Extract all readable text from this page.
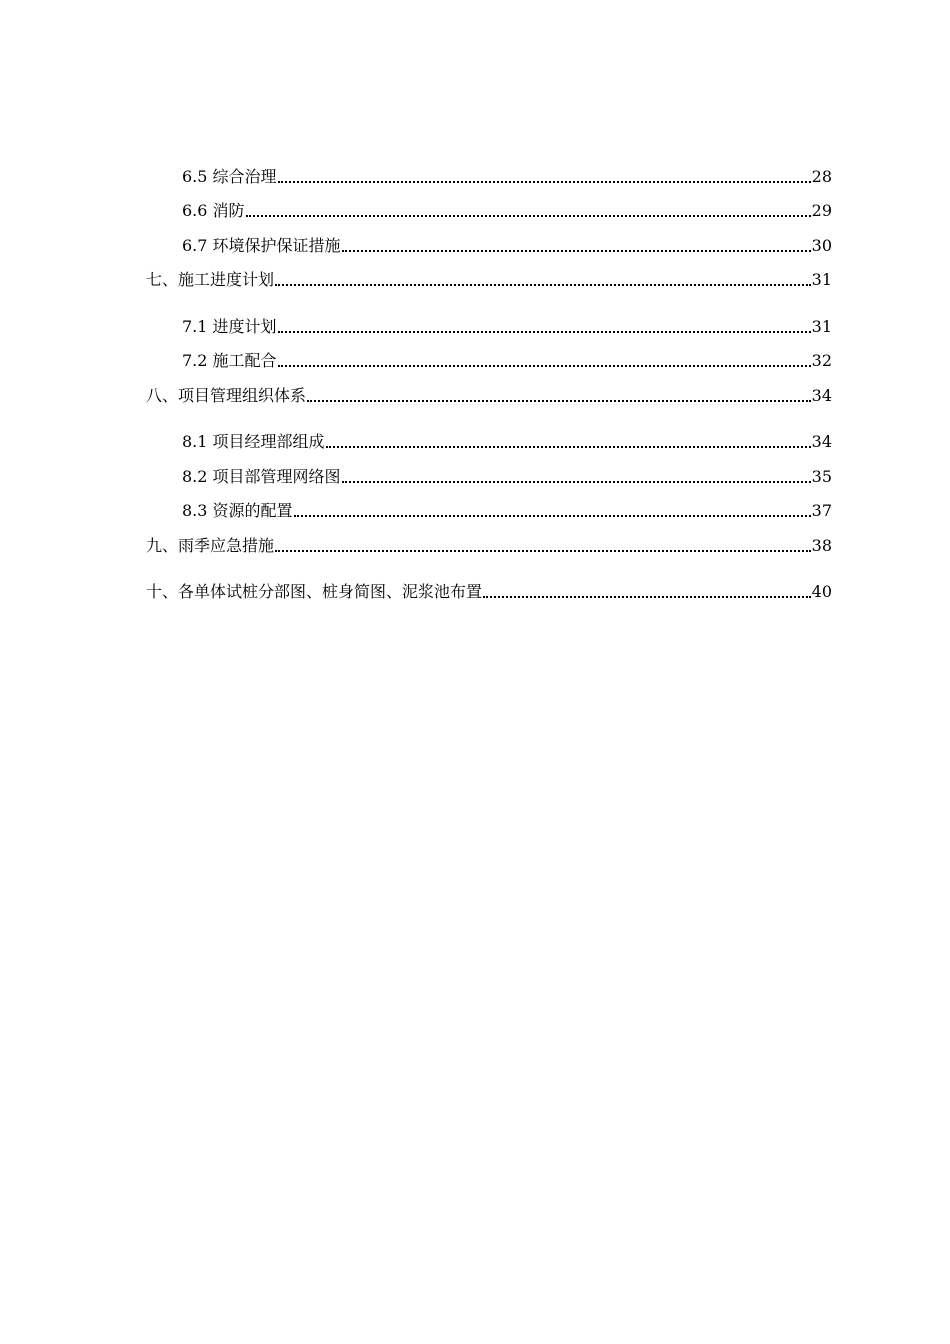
6.5 综合治理	28
6.6 消防	29
6.7 环境保护保证措施	30
七、施工进度计划	31
7.1 进度计划	31
7.2 施工配合	32
八、项目管理组织体系	34
8.1 项目经理部组成	34
8.2 项目部管理网络图	35
8.3 资源的配置	37
九、雨季应急措施	38
十、各单体试桩分部图、桩身简图、泥浆池布置	40
